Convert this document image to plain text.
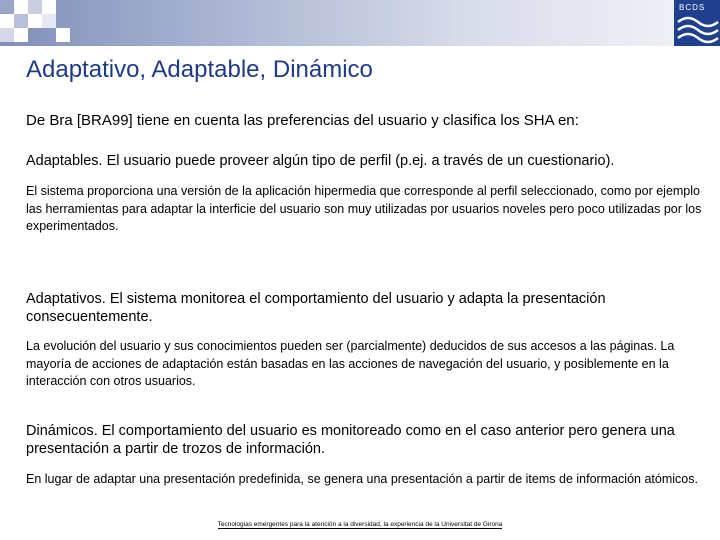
BCDS
Adaptativo, Adaptable, Dinámico

De Bra [BRA99] tiene en cuenta las preferencias del usuario y clasifica los SHA en:

Adaptables. El usuario puede proveer algún tipo de perfil (p.ej. a través de un cuestionario).

El sistema proporciona una versión de la aplicación hipermedia que corresponde al perfil seleccionado, como por ejemplo las herramientas para adaptar la interficie del usuario son muy utilizadas por usuarios noveles pero poco utilizadas por los experimentados.

Adaptativos. El sistema monitorea el comportamiento del usuario y adapta la presentación consecuentemente.

La evolución del usuario y sus conocimientos pueden ser (parcialmente) deducidos de sus accesos a las páginas. La mayoría de acciones de adaptación están basadas en las acciones de navegación del usuario, y posiblemente en la interacción con otros usuarios.

Dinámicos. El comportamiento del usuario es monitoreado como en el caso anterior pero genera una presentación a partir de trozos de información.

En lugar de adaptar una presentación predefinida, se genera una presentación a partir de items de información atómicos.

Tecnologias emergentes para la atención a la diversidad, la experiencia de la Universitat de Girona
